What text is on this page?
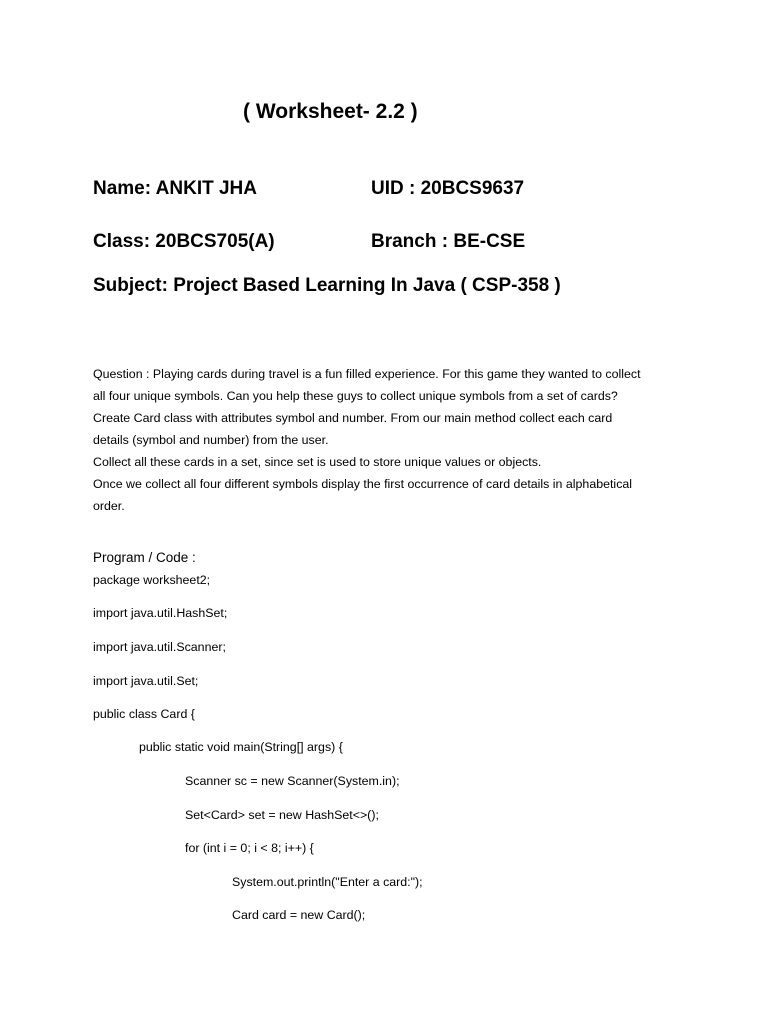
( Worksheet- 2.2 )
Name: ANKIT JHA	UID : 20BCS9637
Class: 20BCS705(A)	Branch : BE-CSE
Subject: Project Based Learning In Java ( CSP-358 )

Question : Playing cards during travel is a fun filled experience. For this game they wanted to collect

all four unique symbols. Can you help these guys to collect unique symbols from a set of cards?

Create Card class with attributes symbol and number. From our main method collect each card

details (symbol and number) from the user.

Collect all these cards in a set, since set is used to store unique values or objects.

Once we collect all four different symbols display the first occurrence of card details in alphabetical

order.

Program / Code :
package worksheet2;
import java.util.HashSet;
import java.util.Scanner;
import java.util.Set;
public class Card {
public static void main(String[] args) {
Scanner sc = new Scanner(System.in);
Set<Card> set = new HashSet<>();
for (int i = 0; i < 8; i++) {
System.out.println("Enter a card:");
Card card = new Card();
